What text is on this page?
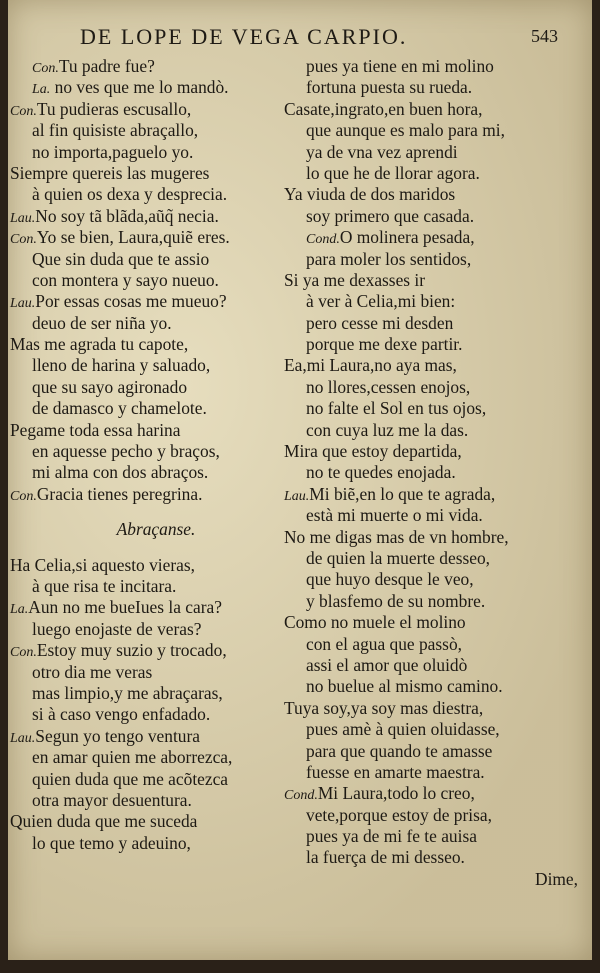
DE LOPE DE VEGA CARPIO.	543
Con.Tu padre fue?
La. no ves que me lo mandò.
Con.Tu pudieras escusallo,
al fin quisiste abraçallo,
no importa,paguelo yo.
Siempre quereis las mugeres
à quien os dexa y desprecia.
Lau.No soy tã blãda,aũq̃ necia.
Con.Yo se bien, Laura,quiẽ eres.
Que sin duda que te assio
con montera y sayo nueuo.
Lau.Por essas cosas me mueuo?
deuo de ser niña yo.
Mas me agrada tu capote,
lleno de harina y saluado,
que su sayo agironado
de damasco y chamelote.
Pegame toda essa harina
en aquesse pecho y braços,
mi alma con dos abraços.
Con.Gracia tienes peregrina.
Abraçanse.
Ha Celia,si aquesto vieras,
à que risa te incitara.
La.Aun no me bueIues la cara?
luego enojaste de veras?
Con.Estoy muy suzio y trocado,
otro dia me veras
mas limpio,y me abraçaras,
si à caso vengo enfadado.
Lau.Segun yo tengo ventura
en amar quien me aborrezca,
quien duda que me acõtezca
otra mayor desuentura.
Quien duda que me suceda
lo que temo y adeuino,
pues ya tiene en mi molino
fortuna puesta su rueda.
Casate,ingrato,en buen hora,
que aunque es malo para mi,
ya de vna vez aprendi
lo que he de llorar agora.
Ya viuda de dos maridos
soy primero que casada.
Cond.O molinera pesada,
para moler los sentidos,
Si ya me dexasses ir
à ver à Celia,mi bien:
pero cesse mi desden
porque me dexe partir.
Ea,mi Laura,no aya mas,
no llores,cessen enojos,
no falte el Sol en tus ojos,
con cuya luz me la das.
Mira que estoy departida,
no te quedes enojada.
Lau.Mi biẽ,en lo que te agrada,
està mi muerte o mi vida.
No me digas mas de vn hombre,
de quien la muerte desseo,
que huyo desque le veo,
y blasfemo de su nombre.
Como no muele el molino
con el agua que passò,
assi el amor que oluidò
no buelue al mismo camino.
Tuya soy,ya soy mas diestra,
pues amè à quien oluidasse,
para que quando te amasse
fuesse en amarte maestra.
Cond.Mi Laura,todo lo creo,
vete,porque estoy de prisa,
pues ya de mi fe te auisa
la fuerça de mi desseo.
Dime,
